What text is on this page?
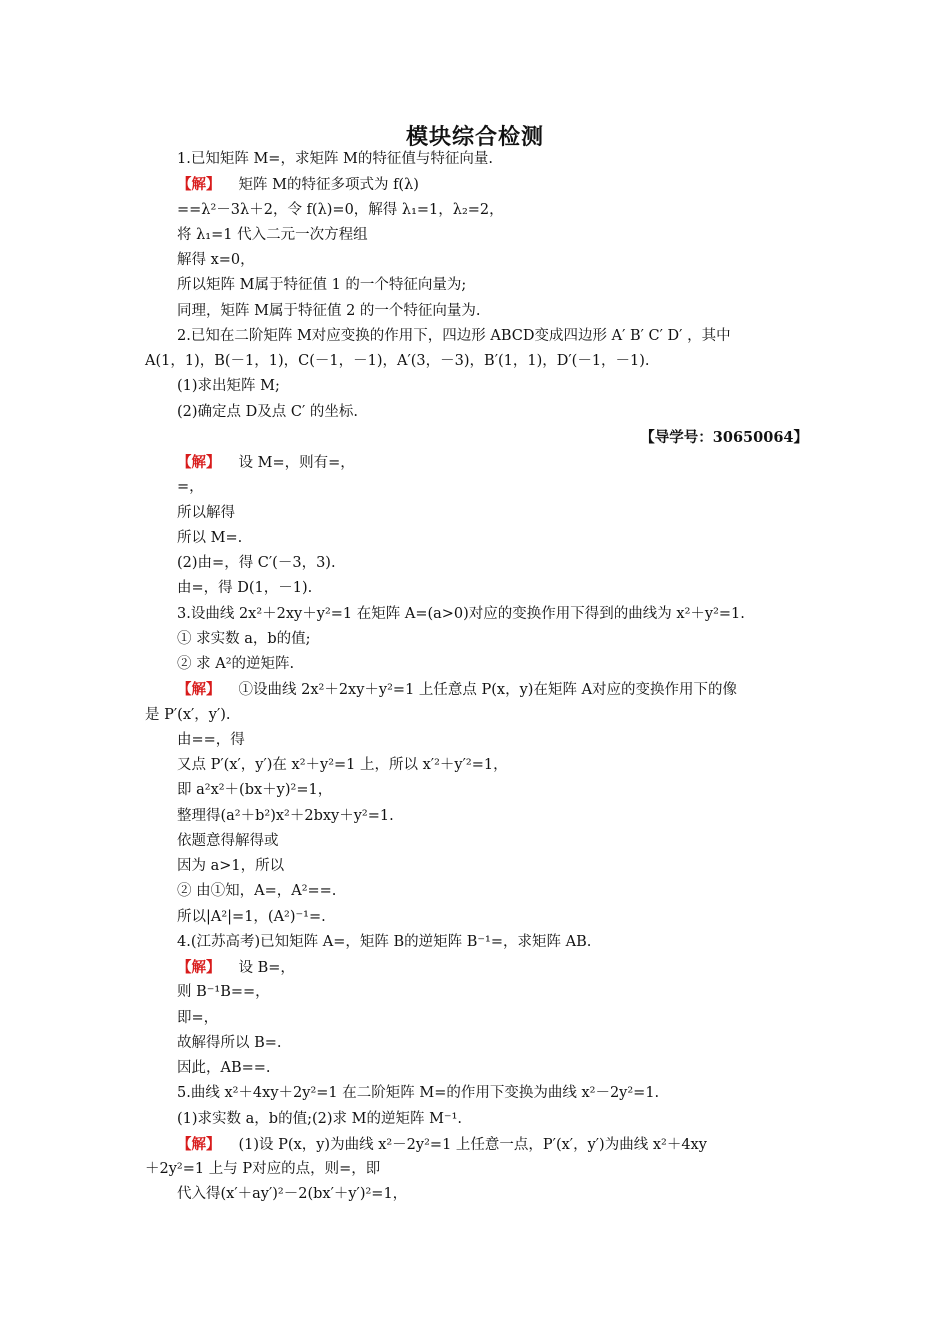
模块综合检测
1.已知矩阵 M=，求矩阵 M的特征值与特征向量.
【解】 矩阵 M的特征多项式为 f(λ)
==λ²－3λ＋2，令 f(λ)=0，解得 λ₁=1，λ₂=2，
将 λ₁=1 代入二元一次方程组
解得 x=0，
所以矩阵 M属于特征值 1 的一个特征向量为;
同理，矩阵 M属于特征值 2 的一个特征向量为.
2.已知在二阶矩阵 M对应变换的作用下，四边形 ABCD变成四边形 A′ B′ C′ D′ ，其中
A(1，1)，B(－1，1)，C(－1，－1)，A′(3，－3)，B′(1，1)，D′(－1，－1).
(1)求出矩阵 M;
(2)确定点 D及点 C′ 的坐标.
【导学号：30650064】
【解】 设 M=，则有=，
=，
所以解得
所以 M=.
(2)由=，得 C′(－3，3).
由=，得 D(1，－1).
3.设曲线 2x²＋2xy＋y²=1 在矩阵 A=(a>0)对应的变换作用下得到的曲线为 x²＋y²=1.
① 求实数 a，b的值;
② 求 A²的逆矩阵.
【解】 ①设曲线 2x²＋2xy＋y²=1 上任意点 P(x，y)在矩阵 A对应的变换作用下的像
是 P′(x′，y′).
由==，得
又点 P′(x′，y′)在 x²＋y²=1 上，所以 x′²＋y′²=1，
即 a²x²＋(bx＋y)²=1，
整理得(a²＋b²)x²＋2bxy＋y²=1.
依题意得解得或
因为 a>1，所以
② 由①知，A=，A²==.
所以|A²|=1，(A²)⁻¹=.
4.(江苏高考)已知矩阵 A=，矩阵 B的逆矩阵 B⁻¹=，求矩阵 AB.
【解】 设 B=，
则 B⁻¹B==，
即=，
故解得所以 B=.
因此，AB==.
5.曲线 x²＋4xy＋2y²=1 在二阶矩阵 M=的作用下变换为曲线 x²－2y²=1.
(1)求实数 a，b的值;(2)求 M的逆矩阵 M⁻¹.
【解】 (1)设 P(x，y)为曲线 x²－2y²=1 上任意一点，P′(x′，y′)为曲线 x²＋4xy
＋2y²=1 上与 P对应的点，则=，即
代入得(x′＋ay′)²－2(bx′＋y′)²=1，
